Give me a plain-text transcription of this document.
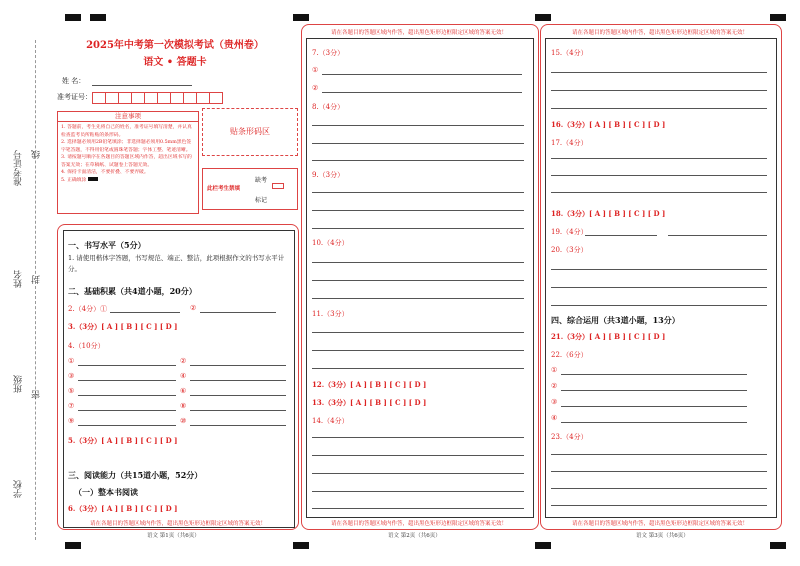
准考证号 线
姓名 封
班级
密
学校
2025年中考第一次模拟考试（贵州卷）
语文 • 答题卡
姓 名：
准考证号：
注意事项
1. 答题前，考生先将自己的姓名，准考证号填写清楚，并认真检查监考员所粘贴的条形码。
2. 选择题必须用2B铅笔填涂；非选择题必须用0.5mm黑色签字笔答题，不得用铅笔或圆珠笔答题；字体工整、笔迹清晰。
3. 请按题号顺序在各题目的答题区域内作答，超出区域书写的答案无效；在草稿纸、试题卷上答题无效。
4. 保持卡面清洁，不要折叠、不要弄破。
5. 正确填涂
贴条形码区
此栏考生禁填
缺考
标记
一、书写水平（5分）
1. 请使用楷体字答题，书写规范、端正、整洁，此项根据作文的书写水平计分。
二、基础积累（共4道小题，20分）
2.（4分）①	②
3.（3分）[ A ] [ B ] [ C ] [ D ]
4.（10分）
①	②
③	④
⑤	⑥
⑦	⑧
⑨	⑩
5.（3分）[ A ] [ B ] [ C ] [ D ]
三、阅读能力（共15道小题，52分）
（一）整本书阅读
6.（3分）[ A ] [ B ] [ C ] [ D ]
请在各题目的答题区域内作答，超出黑色矩形边框限定区域的答案无效！
语文 第1页（共6页）
请在各题目的答题区域内作答，超出黑色矩形边框限定区域的答案无效！
7.（3分）
①
②
8.（4分）
9.（3分）
10.（4分）
11.（3分）
12.（3分）[ A ] [ B ] [ C ] [ D ]
13.（3分）[ A ] [ B ] [ C ] [ D ]
14.（4分）
请在各题目的答题区域内作答，超出黑色矩形边框限定区域的答案无效！
语文 第2页（共6页）
请在各题目的答题区域内作答，超出黑色矩形边框限定区域的答案无效！
15.（4分）
16.（3分）[ A ] [ B ] [ C ] [ D ]
17.（4分）
18.（3分）[ A ] [ B ] [ C ] [ D ]
19.（4分）
20.（3分）
四、综合运用（共3道小题，13分）
21.（3分）[ A ] [ B ] [ C ] [ D ]
22.（6分）
①
②
③
④
23.（4分）
请在各题目的答题区域内作答，超出黑色矩形边框限定区域的答案无效！
语文 第3页（共6页）
